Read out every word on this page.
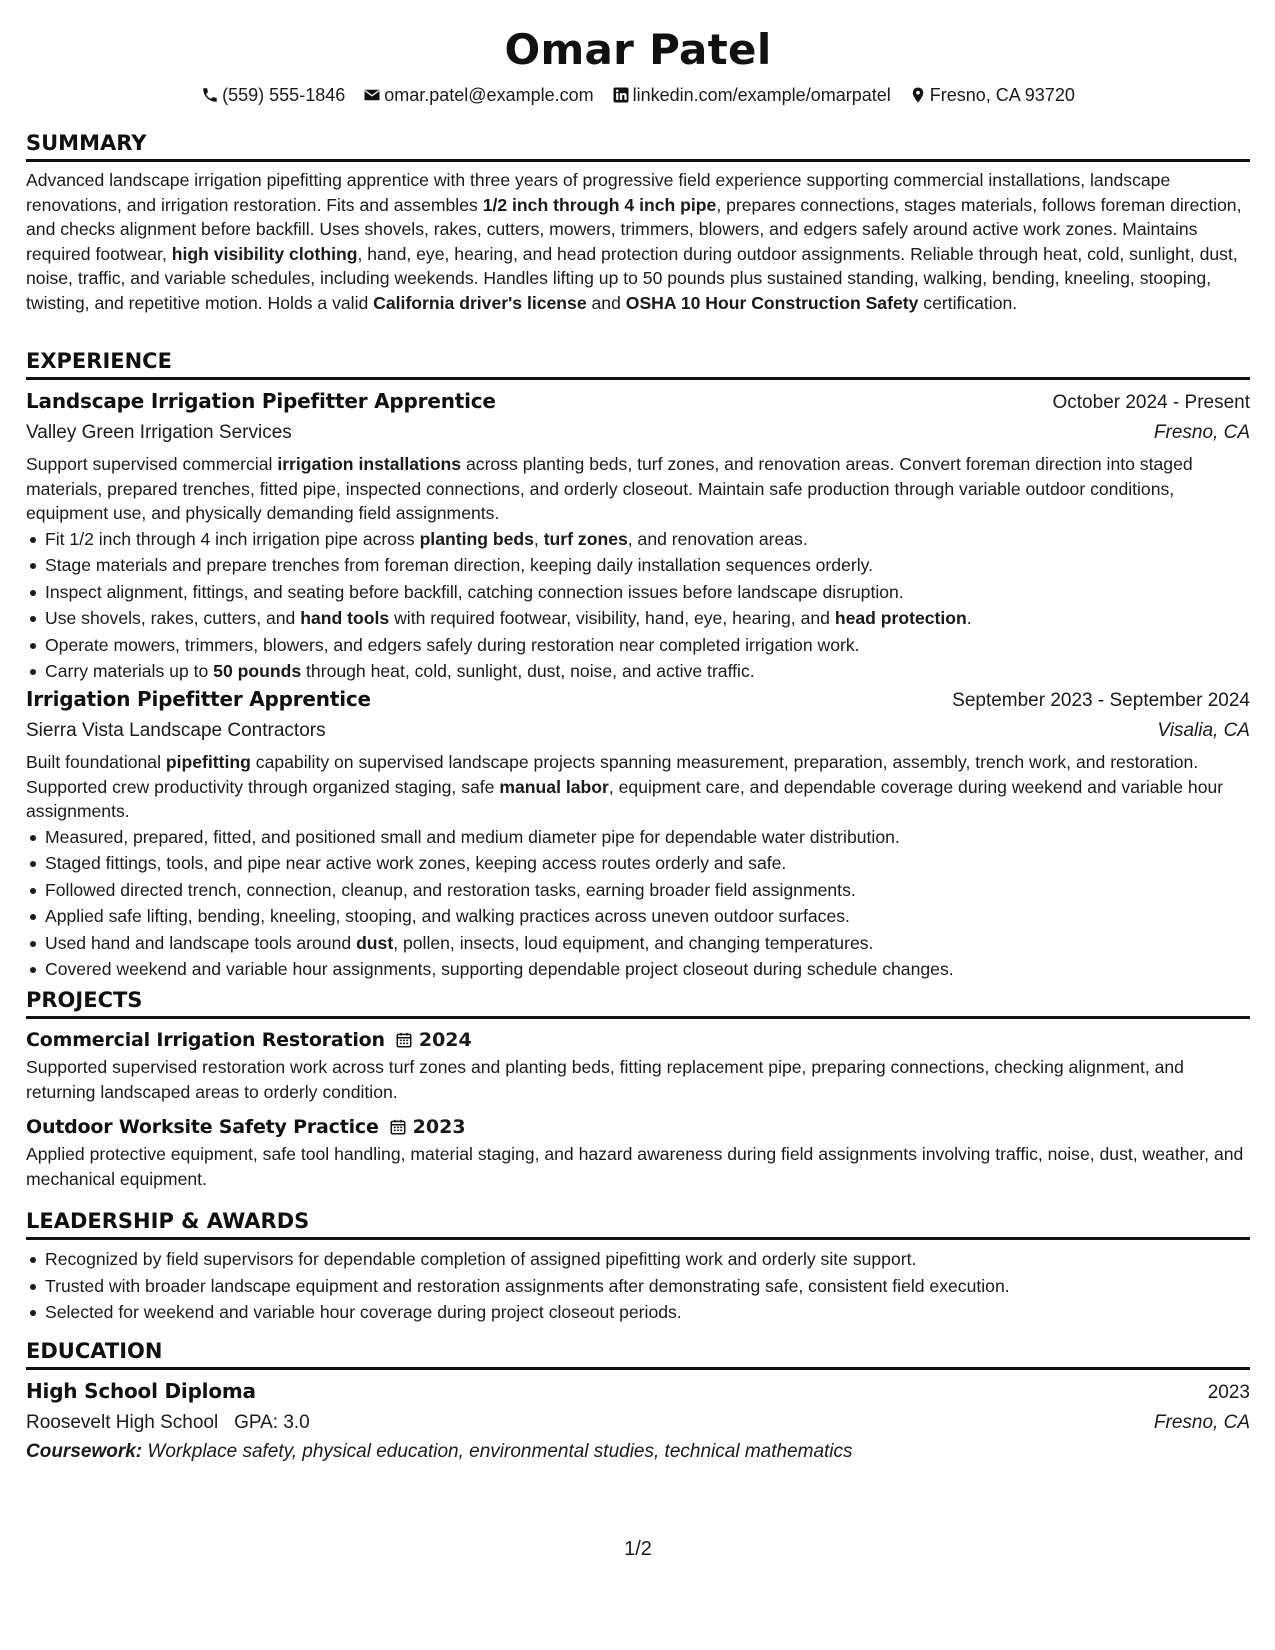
Omar Patel
(559) 555-1846 omar.patel@example.com linkedin.com/example/omarpatel Fresno, CA 93720
SUMMARY
Advanced landscape irrigation pipefitting apprentice with three years of progressive field experience supporting commercial installations, landscape renovations, and irrigation restoration. Fits and assembles 1/2 inch through 4 inch pipe, prepares connections, stages materials, follows foreman direction, and checks alignment before backfill. Uses shovels, rakes, cutters, mowers, trimmers, blowers, and edgers safely around active work zones. Maintains required footwear, high visibility clothing, hand, eye, hearing, and head protection during outdoor assignments. Reliable through heat, cold, sunlight, dust, noise, traffic, and variable schedules, including weekends. Handles lifting up to 50 pounds plus sustained standing, walking, bending, kneeling, stooping, twisting, and repetitive motion. Holds a valid California driver's license and OSHA 10 Hour Construction Safety certification.
EXPERIENCE
Landscape Irrigation Pipefitter Apprentice	October 2024 - Present
Valley Green Irrigation Services	Fresno, CA
Support supervised commercial irrigation installations across planting beds, turf zones, and renovation areas. Convert foreman direction into staged materials, prepared trenches, fitted pipe, inspected connections, and orderly closeout. Maintain safe production through variable outdoor conditions, equipment use, and physically demanding field assignments.
Fit 1/2 inch through 4 inch irrigation pipe across planting beds, turf zones, and renovation areas.
Stage materials and prepare trenches from foreman direction, keeping daily installation sequences orderly.
Inspect alignment, fittings, and seating before backfill, catching connection issues before landscape disruption.
Use shovels, rakes, cutters, and hand tools with required footwear, visibility, hand, eye, hearing, and head protection.
Operate mowers, trimmers, blowers, and edgers safely during restoration near completed irrigation work.
Carry materials up to 50 pounds through heat, cold, sunlight, dust, noise, and active traffic.
Irrigation Pipefitter Apprentice	September 2023 - September 2024
Sierra Vista Landscape Contractors	Visalia, CA
Built foundational pipefitting capability on supervised landscape projects spanning measurement, preparation, assembly, trench work, and restoration. Supported crew productivity through organized staging, safe manual labor, equipment care, and dependable coverage during weekend and variable hour assignments.
Measured, prepared, fitted, and positioned small and medium diameter pipe for dependable water distribution.
Staged fittings, tools, and pipe near active work zones, keeping access routes orderly and safe.
Followed directed trench, connection, cleanup, and restoration tasks, earning broader field assignments.
Applied safe lifting, bending, kneeling, stooping, and walking practices across uneven outdoor surfaces.
Used hand and landscape tools around dust, pollen, insects, loud equipment, and changing temperatures.
Covered weekend and variable hour assignments, supporting dependable project closeout during schedule changes.
PROJECTS
Commercial Irrigation Restoration 2024
Supported supervised restoration work across turf zones and planting beds, fitting replacement pipe, preparing connections, checking alignment, and returning landscaped areas to orderly condition.
Outdoor Worksite Safety Practice 2023
Applied protective equipment, safe tool handling, material staging, and hazard awareness during field assignments involving traffic, noise, dust, weather, and mechanical equipment.
LEADERSHIP & AWARDS
Recognized by field supervisors for dependable completion of assigned pipefitting work and orderly site support.
Trusted with broader landscape equipment and restoration assignments after demonstrating safe, consistent field execution.
Selected for weekend and variable hour coverage during project closeout periods.
EDUCATION
High School Diploma	2023
Roosevelt High School GPA: 3.0	Fresno, CA
Coursework: Workplace safety, physical education, environmental studies, technical mathematics
1/2
